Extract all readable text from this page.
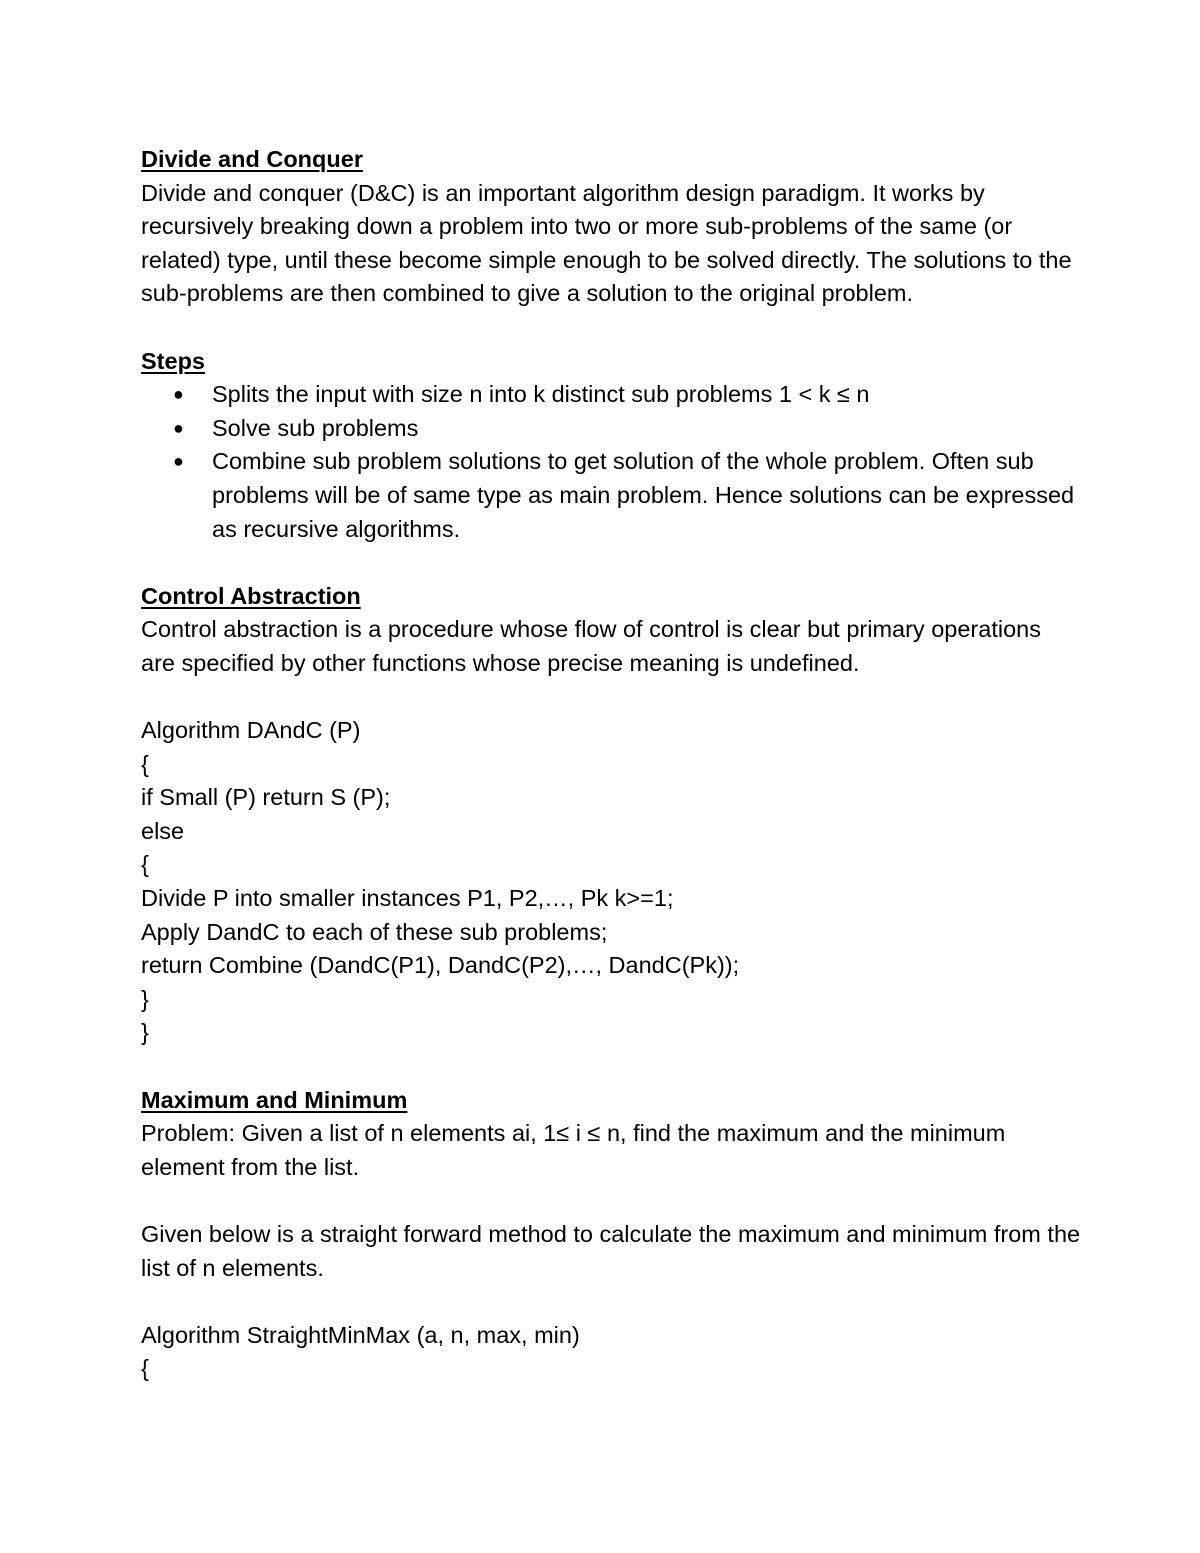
Divide and Conquer

Divide and conquer (D&C) is an important algorithm design paradigm. It works by recursively breaking down a problem into two or more sub-problems of the same (or related) type, until these become simple enough to be solved directly. The solutions to the sub-problems are then combined to give a solution to the original problem.

Steps
● Splits the input with size n into k distinct sub problems 1 < k ≤ n
● Solve sub problems
● Combine sub problem solutions to get solution of the whole problem. Often sub problems will be of same type as main problem. Hence solutions can be expressed as recursive algorithms.
Control Abstraction

Control abstraction is a procedure whose flow of control is clear but primary operations are specified by other functions whose precise meaning is undefined.

Algorithm DAndC (P)
{
if Small (P) return S (P);
else
{
Divide P into smaller instances P1, P2,…, Pk k>=1;
Apply DandC to each of these sub problems;
return Combine (DandC(P1), DandC(P2),…, DandC(Pk));
}
}
Maximum and Minimum

Problem: Given a list of n elements ai, 1≤ i ≤ n, find the maximum and the minimum element from the list.

Given below is a straight forward method to calculate the maximum and minimum from the list of n elements.

Algorithm StraightMinMax (a, n, max, min)
{
